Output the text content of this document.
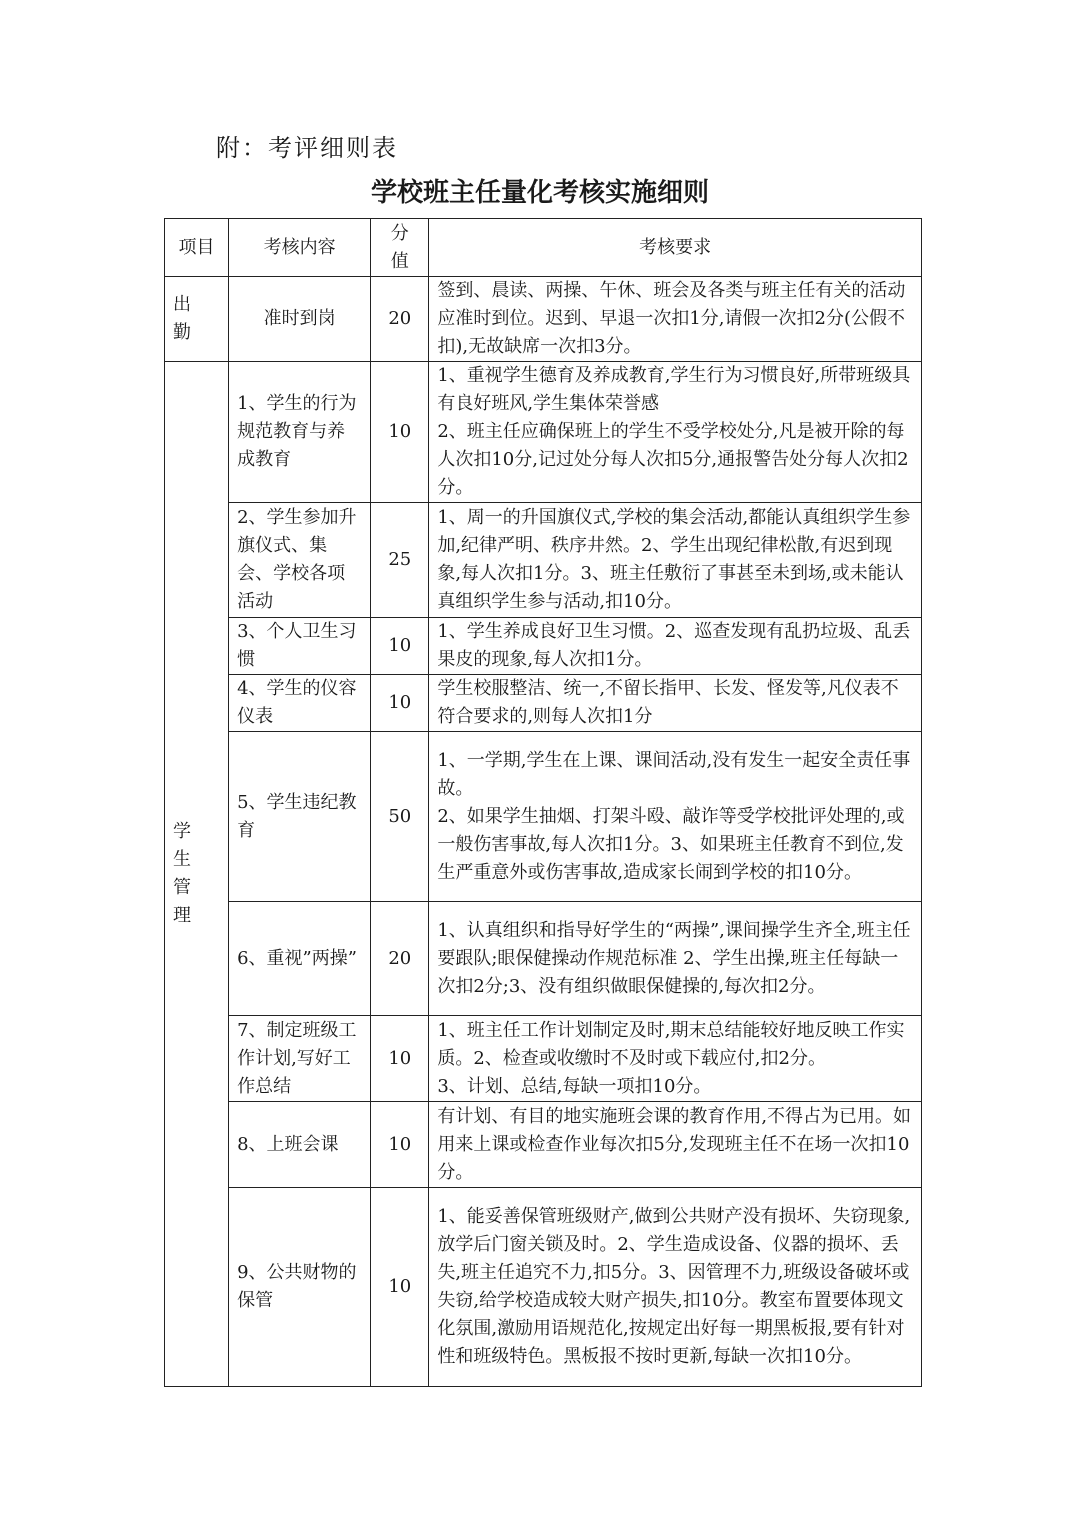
附：考评细则表
学校班主任量化考核实施细则
项目	考核内容	分值	考核要求
出勤	准时到岗	20	签到、晨读、两操、午休、班会及各类与班主任有关的活动应准时到位。迟到、早退一次扣1分,请假一次扣2分(公假不扣),无故缺席一次扣3分。

学生管理	1、学生的行为规范教育与养成教育	10	1、重视学生德育及养成教育,学生行为习惯良好,所带班级具有良好班风,学生集体荣誉感
2、班主任应确保班上的学生不受学校处分,凡是被开除的每人次扣10分,记过处分每人次扣5分,通报警告处分每人次扣2分。

	2、学生参加升旗仪式、集会、学校各项活动	25	1、周一的升国旗仪式,学校的集会活动,都能认真组织学生参加,纪律严明、秩序井然。2、学生出现纪律松散,有迟到现象,每人次扣1分。3、班主任敷衍了事甚至未到场,或未能认真组织学生参与活动,扣10分。

	3、个人卫生习惯	10	1、学生养成良好卫生习惯。2、巡查发现有乱扔垃圾、乱丢果皮的现象,每人次扣1分。

	4、学生的仪容仪表	10	学生校服整洁、统一,不留长指甲、长发、怪发等,凡仪表不符合要求的,则每人次扣1分

	5、学生违纪教育	50	1、一学期,学生在上课、课间活动,没有发生一起安全责任事故。
2、如果学生抽烟、打架斗殴、敲诈等受学校批评处理的,或一般伤害事故,每人次扣1分。3、如果班主任教育不到位,发生严重意外或伤害事故,造成家长闹到学校的扣10分。

	6、重视”两操”	20	1、认真组织和指导好学生的“两操”,课间操学生齐全,班主任要跟队;眼保健操动作规范标准 2、学生出操,班主任每缺一次扣2分;3、没有组织做眼保健操的,每次扣2分。

	7、制定班级工作计划,写好工作总结	10	1、班主任工作计划制定及时,期末总结能较好地反映工作实质。2、检查或收缴时不及时或下载应付,扣2分。
3、计划、总结,每缺一项扣10分。

	8、上班会课	10	有计划、有目的地实施班会课的教育作用,不得占为已用。如用来上课或检查作业每次扣5分,发现班主任不在场一次扣10分。

	9、公共财物的保管	10	1、能妥善保管班级财产,做到公共财产没有损坏、失窃现象,放学后门窗关锁及时。2、学生造成设备、仪器的损坏、丢失,班主任追究不力,扣5分。3、因管理不力,班级设备破坏或失窃,给学校造成较大财产损失,扣10分。教室布置要体现文化氛围,激励用语规范化,按规定出好每一期黑板报,要有针对性和班级特色。黑板报不按时更新,每缺一次扣10分。
